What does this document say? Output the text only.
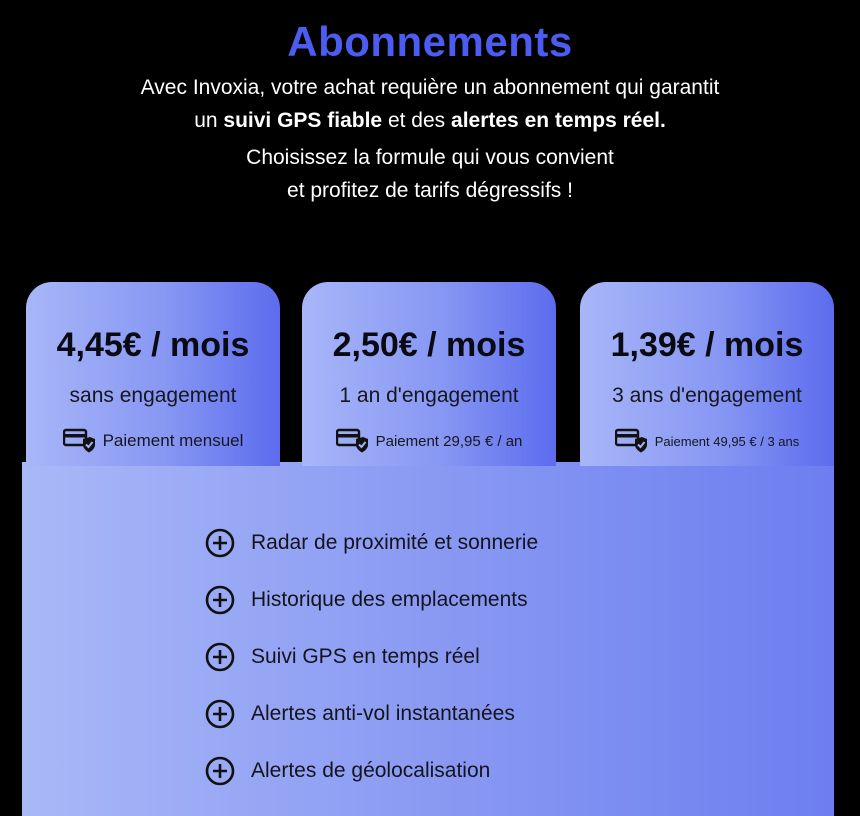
Abonnements
Avec Invoxia, votre achat requière un abonnement qui garantit
un suivi GPS fiable et des alertes en temps réel.
Choisissez la formule qui vous convient
et profitez de tarifs dégressifs !
4,45€ / mois
sans engagement
Paiement mensuel
2,50€ / mois
1 an d'engagement
Paiement 29,95 € / an
1,39€ / mois
3 ans d'engagement
Paiement 49,95 € / 3 ans
Radar de proximité et sonnerie
Historique des emplacements
Suivi GPS en temps réel
Alertes anti-vol instantanées
Alertes de géolocalisation
